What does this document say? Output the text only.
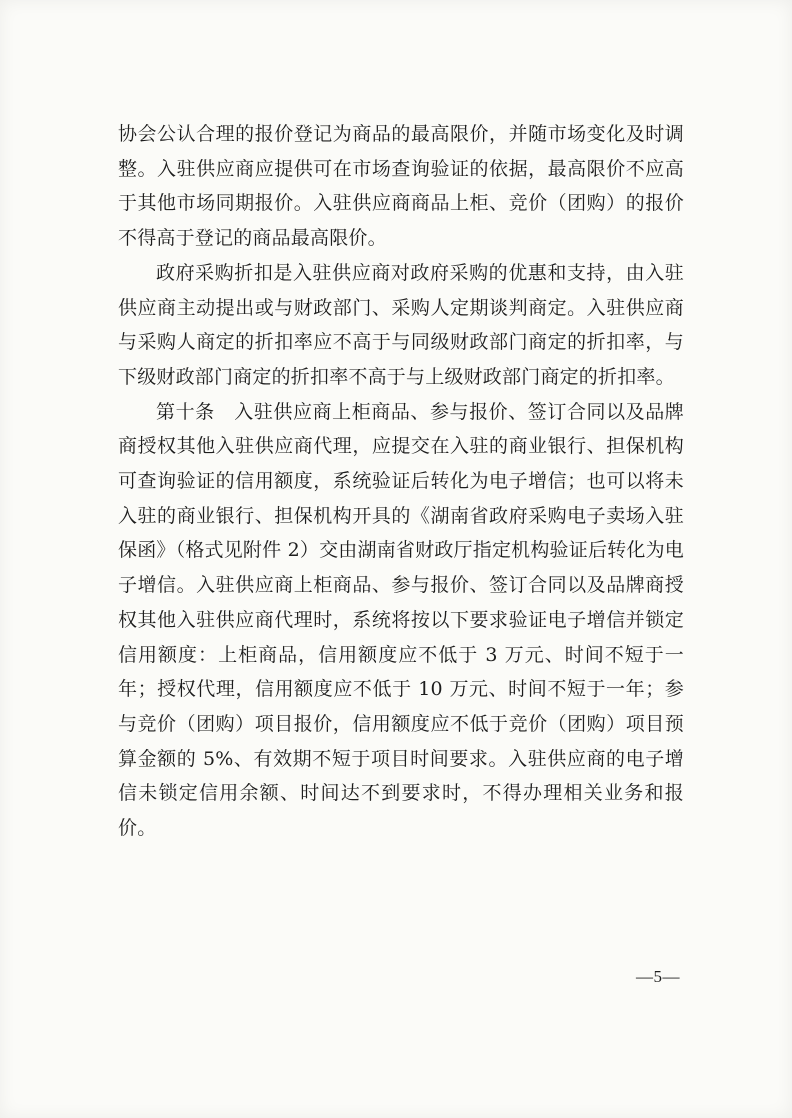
协会公认合理的报价登记为商品的最高限价，并随市场变化及时调整。入驻供应商应提供可在市场查询验证的依据，最高限价不应高于其他市场同期报价。入驻供应商商品上柜、竞价（团购）的报价不得高于登记的商品最高限价。

政府采购折扣是入驻供应商对政府采购的优惠和支持，由入驻供应商主动提出或与财政部门、采购人定期谈判商定。入驻供应商与采购人商定的折扣率应不高于与同级财政部门商定的折扣率，与下级财政部门商定的折扣率不高于与上级财政部门商定的折扣率。

第十条　入驻供应商上柜商品、参与报价、签订合同以及品牌商授权其他入驻供应商代理，应提交在入驻的商业银行、担保机构可查询验证的信用额度，系统验证后转化为电子增信；也可以将未入驻的商业银行、担保机构开具的《湖南省政府采购电子卖场入驻保函》（格式见附件 2）交由湖南省财政厅指定机构验证后转化为电子增信。入驻供应商上柜商品、参与报价、签订合同以及品牌商授权其他入驻供应商代理时，系统将按以下要求验证电子增信并锁定信用额度：上柜商品，信用额度应不低于 3 万元、时间不短于一年；授权代理，信用额度应不低于 10 万元、时间不短于一年；参与竞价（团购）项目报价，信用额度应不低于竞价（团购）项目预算金额的 5%、有效期不短于项目时间要求。入驻供应商的电子增信未锁定信用余额、时间达不到要求时，不得办理相关业务和报价。

—5—
